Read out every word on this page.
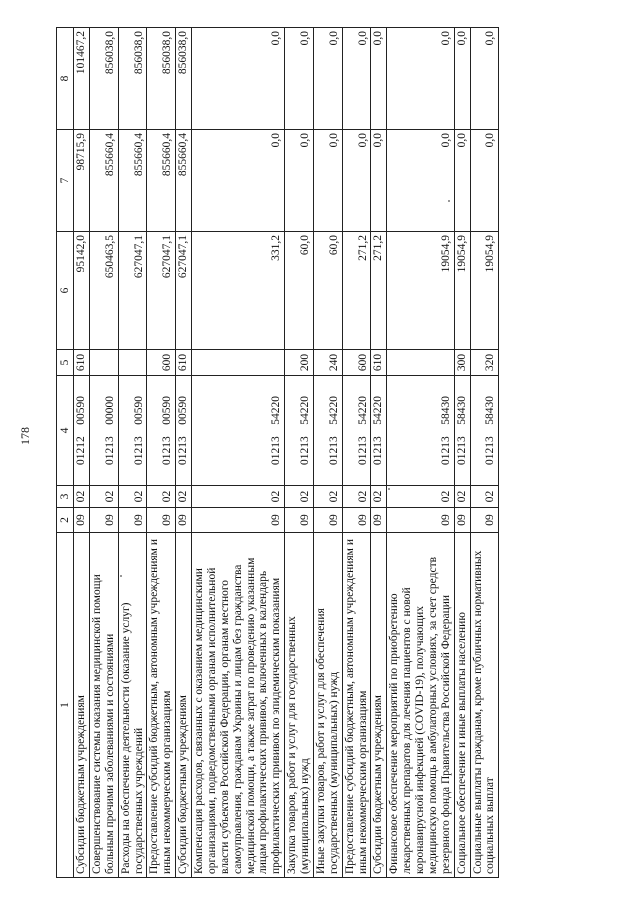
178
1	2	3	4	5	6	7	8
Субсидии бюджетным учреждениям	09	02	01212    00590	610	95142,0	98715,9	101467,2
Совершенствование системы оказания медицинской помощи больным прочими заболеваниями и состояниями	09	02	01213    00000		650463,5	855660,4	856038,0
Расходы на обеспечение деятельности (оказание услуг) государственных учреждений	09	02	01213    00590		627047,1	855660,4	856038,0
Предоставление субсидий бюджетным, автономным учреждениям и иным некоммерческим организациям	09	02	01213    00590	600	627047,1	855660,4	856038,0
Субсидии бюджетным учреждениям	09	02	01213    00590	610	627047,1	855660,4	856038,0
Компенсация расходов, связанных с оказанием медицинскими организациями, подведомственными органам исполнительной власти субъектов Российской Федерации, органам местного самоуправления, гражданам Украины и лицам без гражданства медицинской помощи, а также затрат по проведению указанным лицам профилактических прививок, включенных в календарь профилактических прививок по эпидемическим показаниям	09	02	01213    54220		331,2	0,0	0,0
Закупка товаров, работ и услуг для государственных (муниципальных) нужд	09	02	01213    54220	200	60,0	0,0	0,0
Иные закупки товаров, работ и услуг для обеспечения государственных (муниципальных) нужд	09	02	01213    54220	240	60,0	0,0	0,0
Предоставление субсидий бюджетным, автономным учреждениям и иным некоммерческим организациям	09	02	01213    54220	600	271,2	0,0	0,0
Субсидии бюджетным учреждениям	09	02	01213    54220	610	271,2	0,0	0,0
Финансовое обеспечение мероприятий по приобретению лекарственных препаратов для лечения пациентов с новой коронавирусной инфекцией (COVID-19), получающих медицинскую помощь в амбулаторных условиях, за счет средств резервного фонда Правительства Российской Федерации	09	02	01213    58430		19054,9	0,0	0,0
Социальное обеспечение и иные выплаты населению	09	02	01213    58430	300	19054,9	0,0	0,0
Социальные выплаты гражданам, кроме публичных нормативных социальных выплат	09	02	01213    58430	320	19054,9	0,0	0,0
